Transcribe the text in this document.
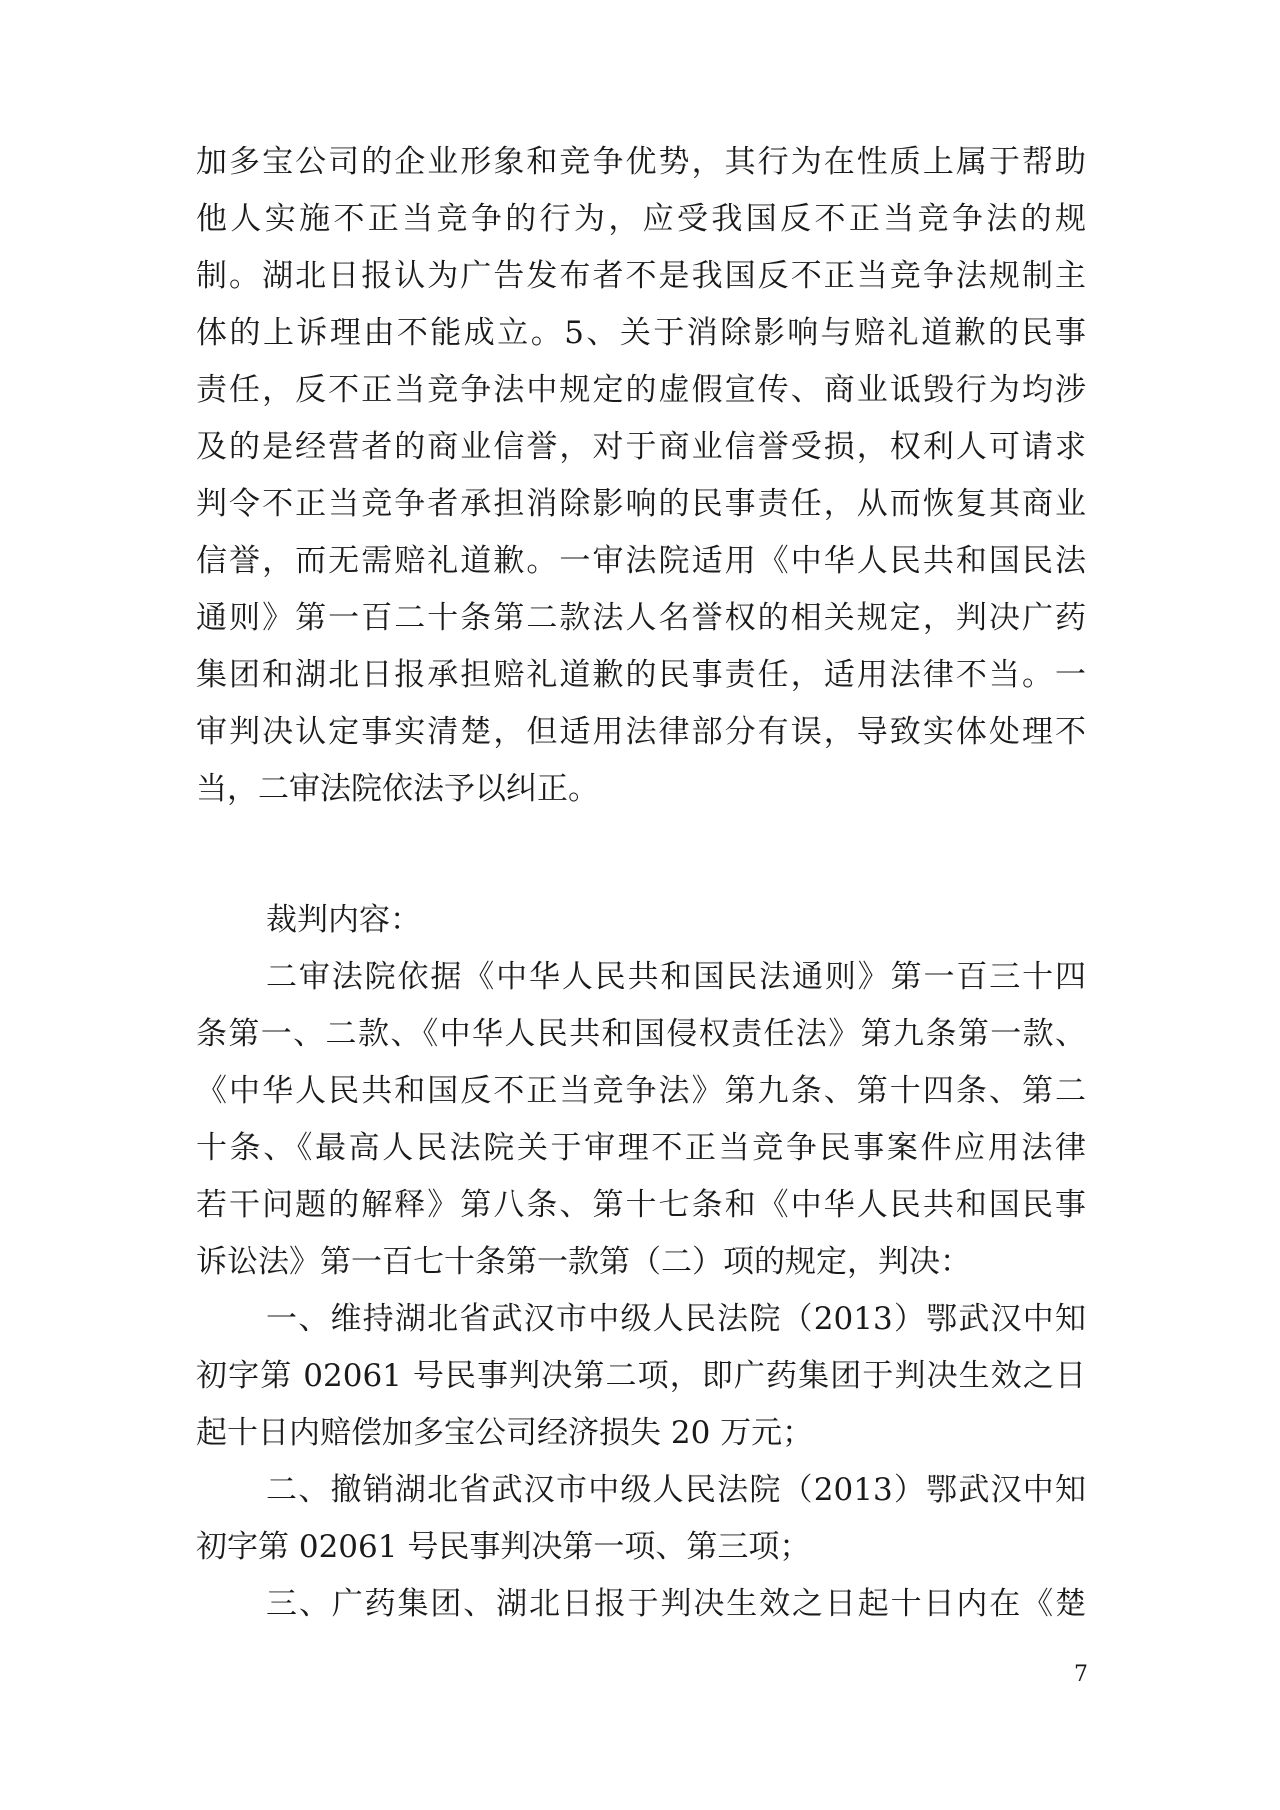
加多宝公司的企业形象和竞争优势，其行为在性质上属于帮助
他人实施不正当竞争的行为，应受我国反不正当竞争法的规
制。湖北日报认为广告发布者不是我国反不正当竞争法规制主
体的上诉理由不能成立。5、关于消除影响与赔礼道歉的民事
责任，反不正当竞争法中规定的虚假宣传、商业诋毁行为均涉
及的是经营者的商业信誉，对于商业信誉受损，权利人可请求
判令不正当竞争者承担消除影响的民事责任，从而恢复其商业
信誉，而无需赔礼道歉。一审法院适用《中华人民共和国民法
通则》第一百二十条第二款法人名誉权的相关规定，判决广药
集团和湖北日报承担赔礼道歉的民事责任，适用法律不当。一
审判决认定事实清楚，但适用法律部分有误，导致实体处理不
当，二审法院依法予以纠正。
裁判内容：
二审法院依据《中华人民共和国民法通则》第一百三十四
条第一、二款、《中华人民共和国侵权责任法》第九条第一款、
《中华人民共和国反不正当竞争法》第九条、第十四条、第二
十条、《最高人民法院关于审理不正当竞争民事案件应用法律
若干问题的解释》第八条、第十七条和《中华人民共和国民事
诉讼法》第一百七十条第一款第（二）项的规定，判决：
一、维持湖北省武汉市中级人民法院（2013）鄂武汉中知
初字第 02061 号民事判决第二项，即广药集团于判决生效之日
起十日内赔偿加多宝公司经济损失 20 万元；
二、撤销湖北省武汉市中级人民法院（2013）鄂武汉中知
初字第 02061 号民事判决第一项、第三项；
三、广药集团、湖北日报于判决生效之日起十日内在《楚
7
